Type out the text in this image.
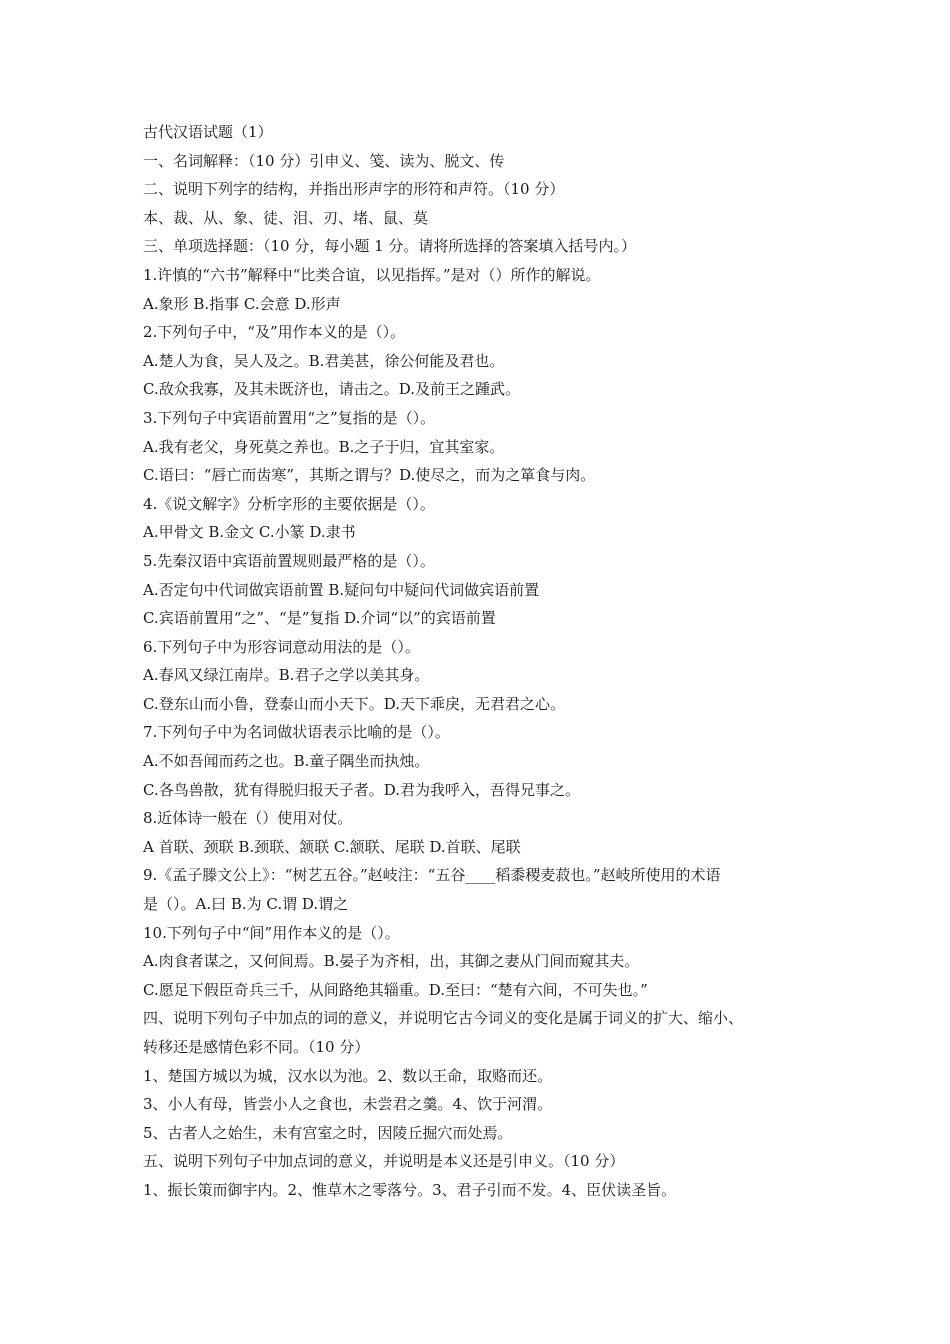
古代汉语试题（1）
一、名词解释：（10 分）引申义、笺、读为、脱文、传
二、说明下列字的结构，并指出形声字的形符和声符。（10 分）
本、裁、从、象、徒、泪、刃、堵、鼠、莫
三、单项选择题：（10 分，每小题 1 分。请将所选择的答案填入括号内。）
1.许慎的“六书”解释中“比类合谊，以见指挥。”是对（）所作的解说。
A.象形 B.指事 C.会意 D.形声
2.下列句子中，“及”用作本义的是（）。
A.楚人为食，吴人及之。B.君美甚，徐公何能及君也。
C.敌众我寡，及其未既济也，请击之。D.及前王之踵武。
3.下列句子中宾语前置用“之”复指的是（）。
A.我有老父，身死莫之养也。B.之子于归，宜其室家。
C.语曰：“唇亡而齿寒”，其斯之谓与？D.使尽之，而为之箪食与肉。
4.《说文解字》分析字形的主要依据是（）。
A.甲骨文 B.金文 C.小篆 D.隶书
5.先秦汉语中宾语前置规则最严格的是（）。
A.否定句中代词做宾语前置 B.疑问句中疑问代词做宾语前置
C.宾语前置用“之”、“是”复指 D.介词“以”的宾语前置
6.下列句子中为形容词意动用法的是（）。
A.春风又绿江南岸。B.君子之学以美其身。
C.登东山而小鲁，登泰山而小天下。D.天下乖戾，无君君之心。
7.下列句子中为名词做状语表示比喻的是（）。
A.不如吾闻而药之也。B.童子隅坐而执烛。
C.各鸟兽散，犹有得脱归报天子者。D.君为我呼入，吾得兄事之。
8.近体诗一般在（）使用对仗。
A 首联、颈联 B.颈联、颔联 C.颔联、尾联 D.首联、尾联
9.《孟子滕文公上》：“树艺五谷。”赵岐注：“五谷____稻黍稷麦菽也。”赵岐所使用的术语
是（）。A.曰 B.为 C.谓 D.谓之
10.下列句子中“间”用作本义的是（）。
A.肉食者谋之，又何间焉。B.晏子为齐相，出，其御之妻从门间而窥其夫。
C.愿足下假臣奇兵三千，从间路绝其辎重。D.至曰：“楚有六间，不可失也。”
四、说明下列句子中加点的词的意义，并说明它古今词义的变化是属于词义的扩大、缩小、
转移还是感情色彩不同。（10 分）
1、楚国方城以为城，汉水以为池。2、数以王命，取赂而还。
3、小人有母，皆尝小人之食也，未尝君之羹。4、饮于河渭。
5、古者人之始生，未有宫室之时，因陵丘掘穴而处焉。
五、说明下列句子中加点词的意义，并说明是本义还是引申义。（10 分）
1、振长策而御宇内。2、惟草木之零落兮。3、君子引而不发。4、臣伏读圣旨。
